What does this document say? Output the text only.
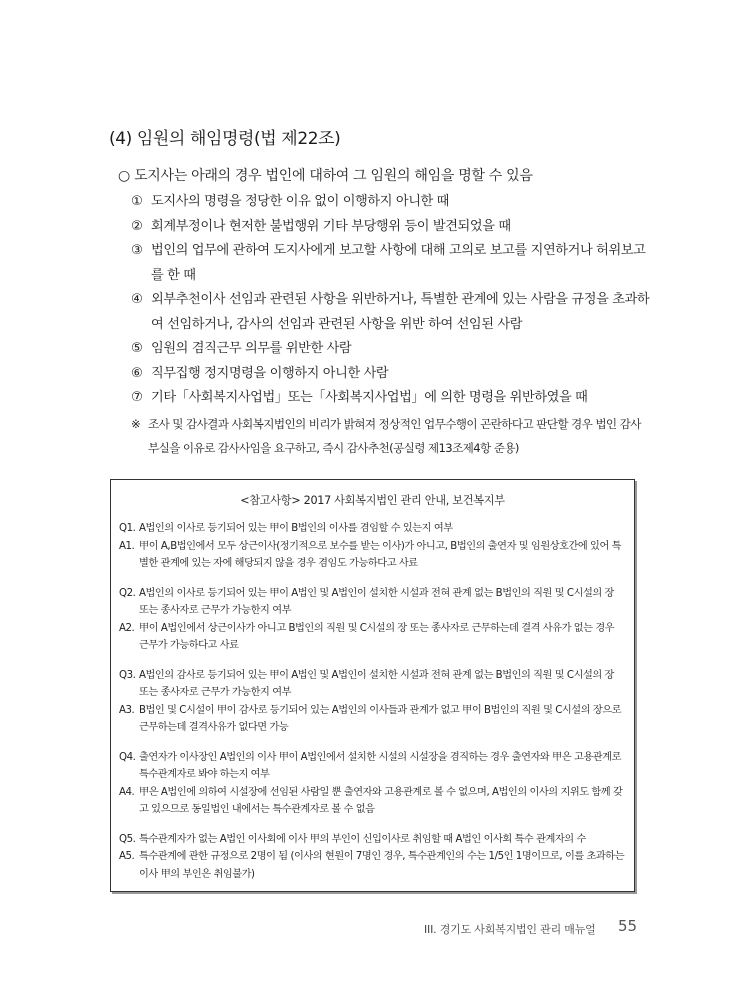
(4) 임원의 해임명령(법 제22조)
○ 도지사는 아래의 경우 법인에 대하여 그 임원의 해임을 명할 수 있음
① 도지사의 명령을 정당한 이유 없이 이행하지 아니한 때
② 회계부정이나 현저한 불법행위 기타 부당행위 등이 발견되었을 때
③ 법인의 업무에 관하여 도지사에게 보고할 사항에 대해 고의로 보고를 지연하거나 허위보고를 한 때
④ 외부추천이사 선임과 관련된 사항을 위반하거나, 특별한 관계에 있는 사람을 규정을 초과하여 선임하거나, 감사의 선임과 관련된 사항을 위반 하여 선임된 사람
⑤ 임원의 겸직근무 의무를 위반한 사람
⑥ 직무집행 정지명령을 이행하지 아니한 사람
⑦ 기타「사회복지사업법」또는「사회복지사업법」에 의한 명령을 위반하였을 때
※ 조사 및 감사결과 사회복지법인의 비리가 밝혀져 정상적인 업무수행이 곤란하다고 판단할 경우 법인 감사 부실을 이유로 감사사임을 요구하고, 즉시 감사추천(공실령 제13조제4항 준용)
<참고사항> 2017 사회복지법인 관리 안내, 보건복지부
Q1. A법인의 이사로 등기되어 있는 甲이 B법인의 이사를 겸임할 수 있는지 여부
A1. 甲이 A,B법인에서 모두 상근이사(정기적으로 보수를 받는 이사)가 아니고, B법인의 출연자 및 임원상호간에 있어 특별한 관계에 있는 자에 해당되지 않을 경우 겸임도 가능하다고 사료
Q2. A법인의 이사로 등기되어 있는 甲이 A법인 및 A법인이 설치한 시설과 전혀 관계 없는 B법인의 직원 및 C시설의 장 또는 종사자로 근무가 가능한지 여부
A2. 甲이 A법인에서 상근이사가 아니고 B법인의 직원 및 C시설의 장 또는 종사자로 근무하는데 결격 사유가 없는 경우 근무가 가능하다고 사료
Q3. A법인의 감사로 등기되어 있는 甲이 A법인 및 A법인이 설치한 시설과 전혀 관계 없는 B법인의 직원 및 C시설의 장 또는 종사자로 근무가 가능한지 여부
A3. B법인 및 C시설이 甲이 감사로 등기되어 있는 A법인의 이사들과 관계가 없고 甲이 B법인의 직원 및 C시설의 장으로 근무하는데 결격사유가 없다면 가능
Q4. 출연자가 이사장인 A법인의 이사 甲이 A법인에서 설치한 시설의 시설장을 겸직하는 경우 출연자와 甲은 고용관계로 특수관계자로 봐야 하는지 여부
A4. 甲은 A법인에 의하여 시설장에 선임된 사람일 뿐 출연자와 고용관계로 볼 수 없으며, A법인의 이사의 지위도 함께 갖고 있으므로 동일법인 내에서는 특수관계자로 볼 수 없음
Q5. 특수관계자가 없는 A법인 이사회에 이사 甲의 부인이 신입이사로 취임할 때 A법인 이사회 특수 관계자의 수
A5. 특수관계에 관한 규정으로 2명이 됨 (이사의 현원이 7명인 경우, 특수관계인의 수는 1/5인 1명이므로, 이를 초과하는 이사 甲의 부인은 취임불가)
III. 경기도 사회복지법인 관리 매뉴얼 55
